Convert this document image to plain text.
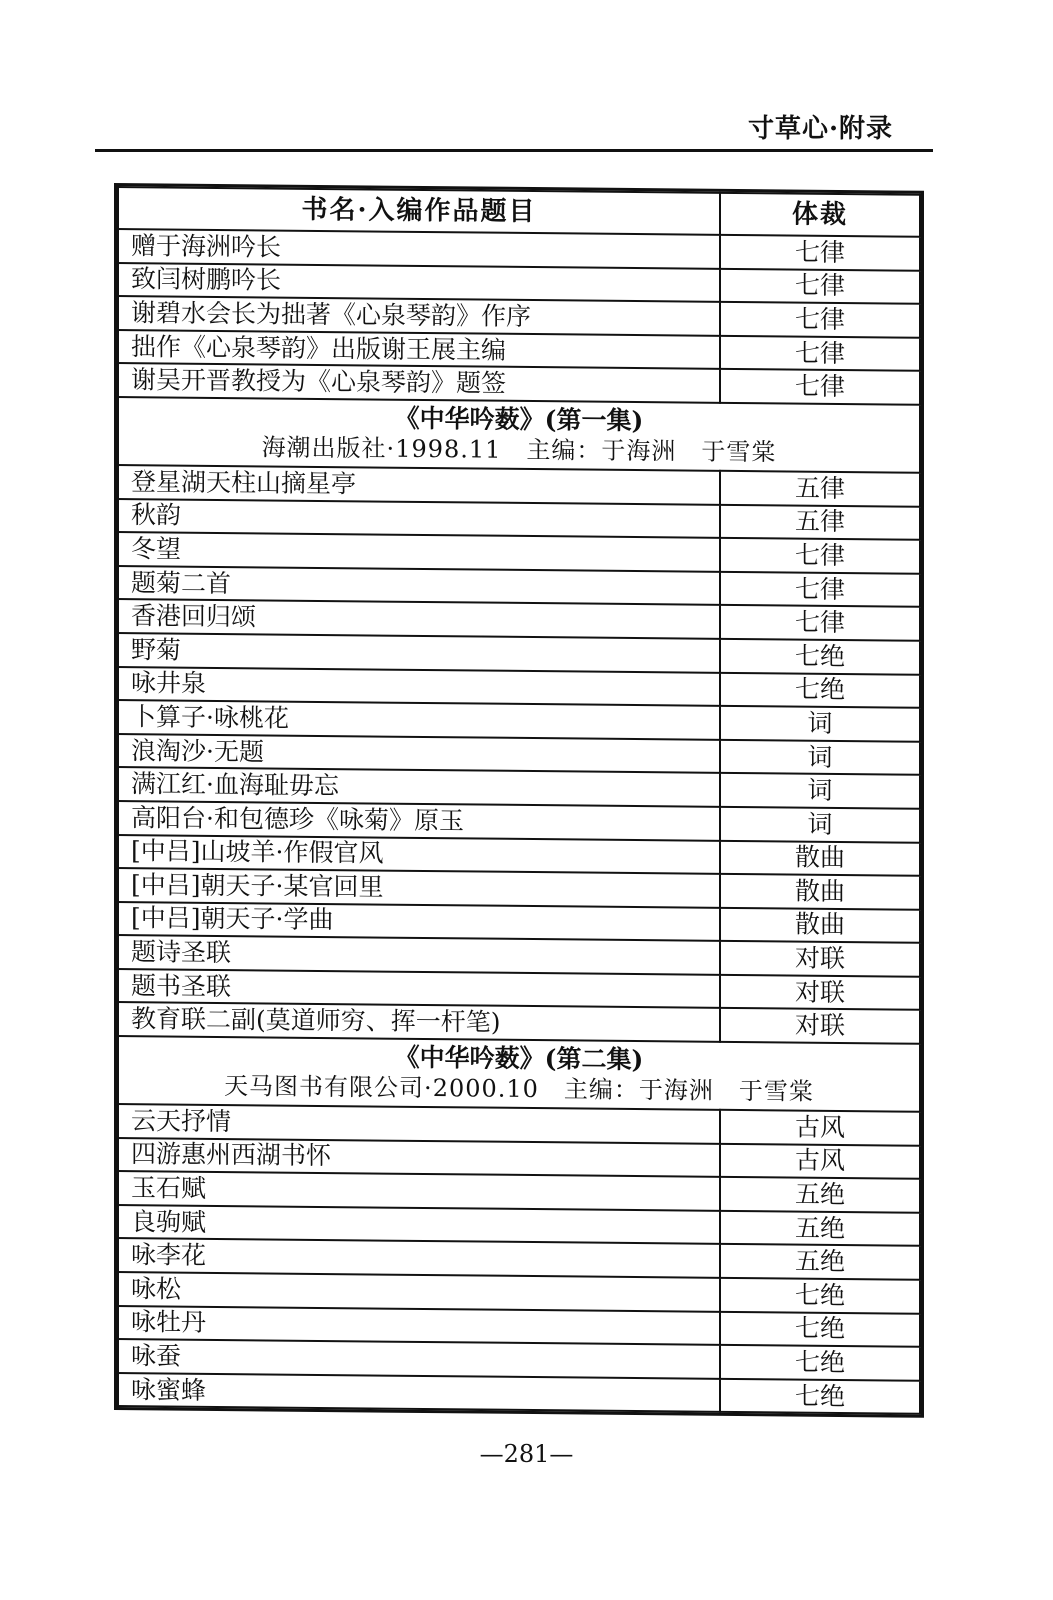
寸草心·附录
书名·入编作品题目	体裁
赠于海洲吟长	七律
致闫树鹏吟长	七律
谢碧水会长为拙著《心泉琴韵》作序	七律
拙作《心泉琴韵》出版谢王展主编	七律
谢吴开晋教授为《心泉琴韵》题签	七律

《中华吟薮》(第一集)
海潮出版社·1998.11　主编：于海洲　于雪棠	

登星湖天柱山摘星亭	五律
秋韵	五律
冬望	七律
题菊二首	七律
香港回归颂	七律
野菊	七绝
咏井泉	七绝
卜算子·咏桃花	词
浪淘沙·无题	词
满江红·血海耻毋忘	词
高阳台·和包德珍《咏菊》原玉	词
[中吕]山坡羊·作假官风	散曲
[中吕]朝天子·某官回里	散曲
[中吕]朝天子·学曲	散曲
题诗圣联	对联
题书圣联	对联
教育联二副(莫道师穷、挥一杆笔)	对联

《中华吟薮》(第二集)
天马图书有限公司·2000.10　主编：于海洲　于雪棠	

云天抒情	古风
四游惠州西湖书怀	古风
玉石赋	五绝
良驹赋	五绝
咏李花	五绝
咏松	七绝
咏牡丹	七绝
咏蚕	七绝
咏蜜蜂	七绝
—281—
